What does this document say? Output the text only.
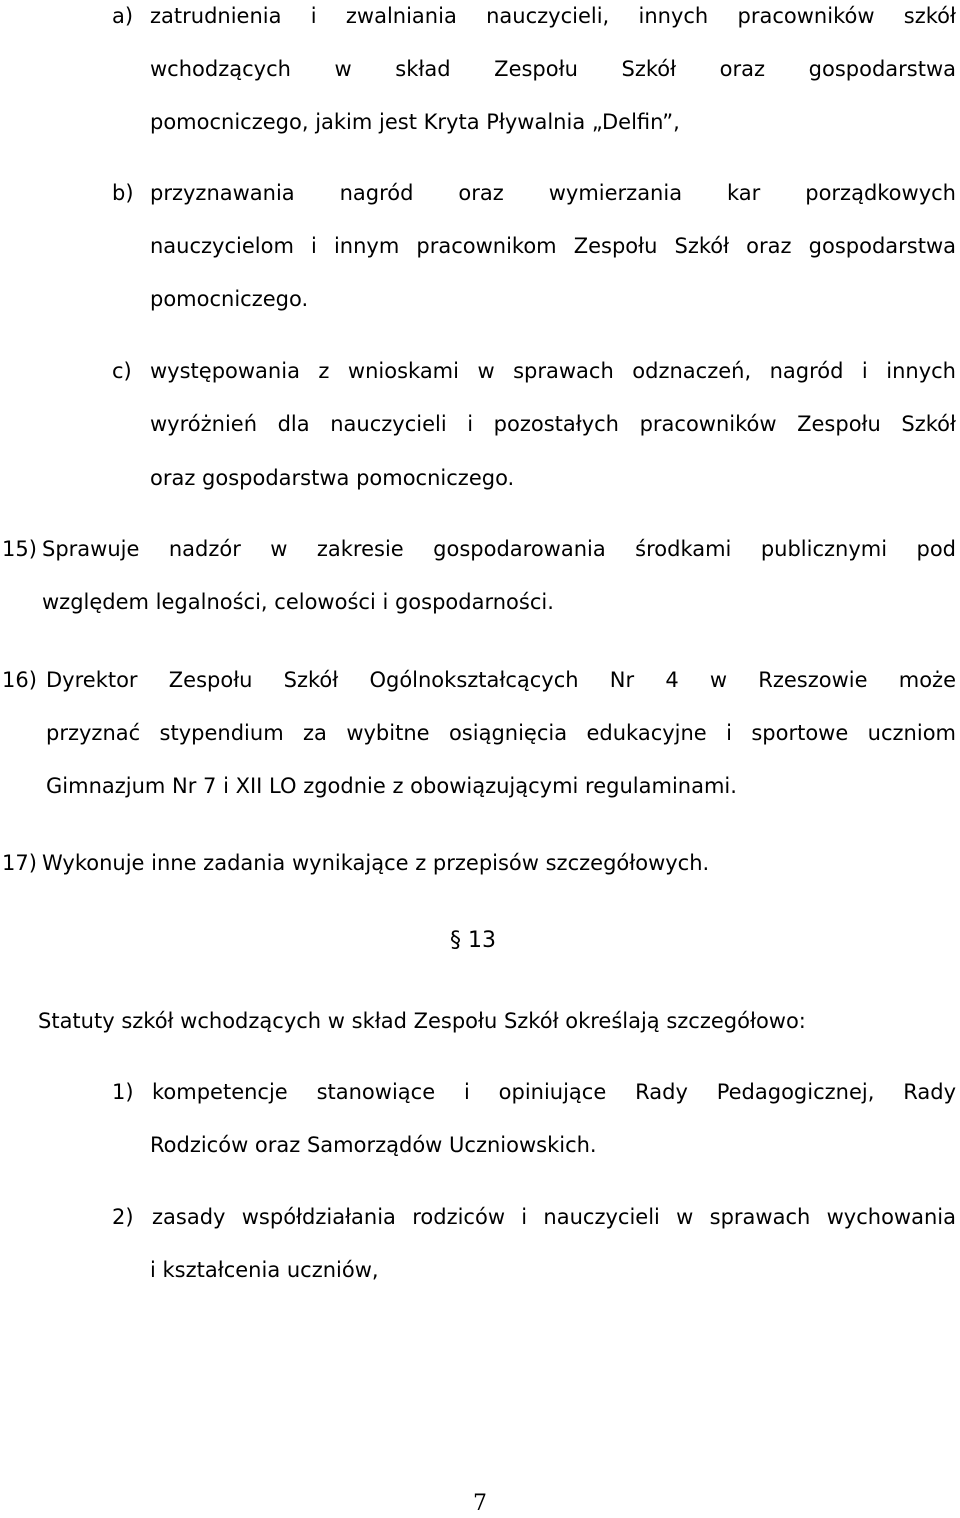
a) zatrudnienia i zwalniania nauczycieli, innych pracowników szkół
wchodzących w skład Zespołu Szkół oraz gospodarstwa
pomocniczego, jakim jest Kryta Pływalnia „Delfin”,
b) przyznawania nagród oraz wymierzania kar porządkowych
nauczycielom i innym pracownikom Zespołu Szkół oraz gospodarstwa
pomocniczego.
c) występowania z wnioskami w sprawach odznaczeń, nagród i innych
wyróżnień dla nauczycieli i pozostałych pracowników Zespołu Szkół
oraz gospodarstwa pomocniczego.
15) Sprawuje nadzór w zakresie gospodarowania środkami publicznymi pod
względem legalności, celowości i gospodarności.
16) Dyrektor Zespołu Szkół Ogólnokształcących Nr 4 w Rzeszowie może
przyznać stypendium za wybitne osiągnięcia edukacyjne i sportowe uczniom
Gimnazjum Nr 7 i XII LO zgodnie z obowiązującymi regulaminami.
17) Wykonuje inne zadania wynikające z przepisów szczegółowych.
§ 13
Statuty szkół wchodzących w skład Zespołu Szkół określają szczegółowo:
1) kompetencje stanowiące i opiniujące Rady Pedagogicznej, Rady
Rodziców oraz Samorządów Uczniowskich.
2) zasady współdziałania rodziców i nauczycieli w sprawach wychowania
i kształcenia uczniów,
7
